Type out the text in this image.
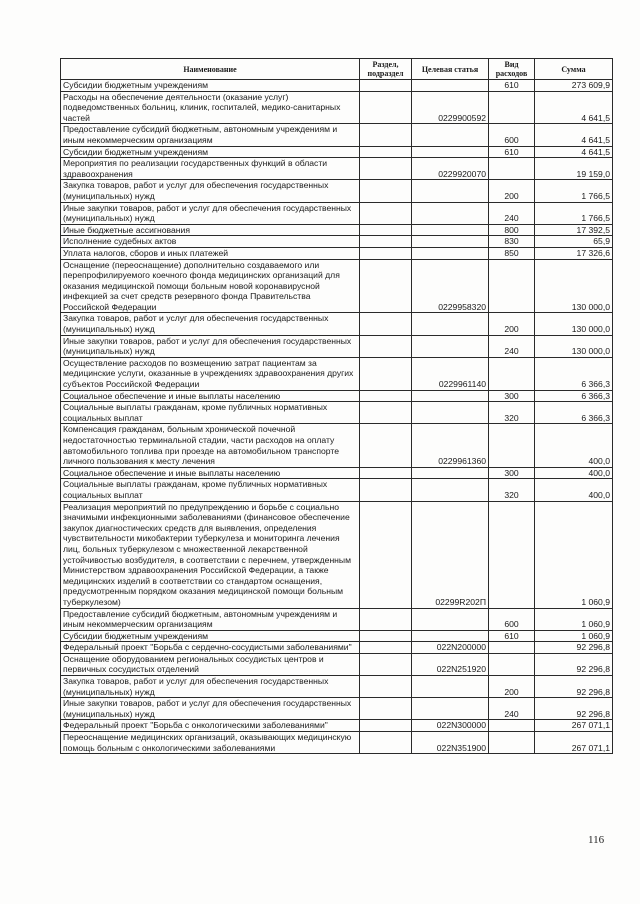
Наименование	Раздел, подраздел	Целевая статья	Вид расходов	Сумма
Субсидии бюджетным учреждениям			610	273 609,9
Расходы на обеспечение деятельности (оказание услуг) подведомственных больниц, клиник, госпиталей, медико-санитарных частей		0229900592		4 641,5
Предоставление субсидий бюджетным, автономным учреждениям и иным некоммерческим организациям			600	4 641,5
Субсидии бюджетным учреждениям			610	4 641,5
Мероприятия по реализации государственных функций в области здравоохранения		0229920070		19 159,0
Закупка товаров, работ и услуг для обеспечения государственных (муниципальных) нужд			200	1 766,5
Иные закупки товаров, работ и услуг для обеспечения государственных (муниципальных) нужд			240	1 766,5
Иные бюджетные ассигнования			800	17 392,5
Исполнение судебных актов			830	65,9
Уплата налогов, сборов и иных платежей			850	17 326,6
Оснащение (переоснащение) дополнительно создаваемого или перепрофилируемого коечного фонда медицинских организаций для оказания медицинской помощи больным новой коронавирусной инфекцией за счет средств резервного фонда Правительства Российской Федерации		0229958320		130 000,0
Закупка товаров, работ и услуг для обеспечения государственных (муниципальных) нужд			200	130 000,0
Иные закупки товаров, работ и услуг для обеспечения государственных (муниципальных) нужд			240	130 000,0
Осуществление расходов по возмещению затрат пациентам за медицинские услуги, оказанные в учреждениях здравоохранения других субъектов Российской Федерации		0229961140		6 366,3
Социальное обеспечение и иные выплаты населению			300	6 366,3
Социальные выплаты гражданам, кроме публичных нормативных социальных выплат			320	6 366,3
Компенсация гражданам, больным хронической почечной недостаточностью терминальной стадии, части расходов на оплату автомобильного топлива при проезде на автомобильном транспорте личного пользования к месту лечения		0229961360		400,0
Социальное обеспечение и иные выплаты населению			300	400,0
Социальные выплаты гражданам, кроме публичных нормативных социальных выплат			320	400,0
Реализация мероприятий по предупреждению и борьбе с социально значимыми инфекционными заболеваниями (финансовое обеспечение закупок диагностических средств для выявления, определения чувствительности микобактерии туберкулеза и мониторинга лечения лиц, больных туберкулезом с множественной лекарственной устойчивостью возбудителя, в соответствии с перечнем, утвержденным Министерством здравоохранения Российской Федерации, а также медицинских изделий в соответствии со стандартом оснащения, предусмотренным порядком оказания медицинской помощи больным туберкулезом)		02299R202П		1 060,9
Предоставление субсидий бюджетным, автономным учреждениям и иным некоммерческим организациям			600	1 060,9
Субсидии бюджетным учреждениям			610	1 060,9
Федеральный проект "Борьба с сердечно-сосудистыми заболеваниями"		022N200000		92 296,8
Оснащение оборудованием региональных сосудистых центров и первичных сосудистых отделений		022N251920		92 296,8
Закупка товаров, работ и услуг для обеспечения государственных (муниципальных) нужд			200	92 296,8
Иные закупки товаров, работ и услуг для обеспечения государственных (муниципальных) нужд			240	92 296,8
Федеральный проект "Борьба с онкологическими заболеваниями"		022N300000		267 071,1
Переоснащение медицинских организаций, оказывающих медицинскую помощь больным с онкологическими заболеваниями		022N351900		267 071,1
116
